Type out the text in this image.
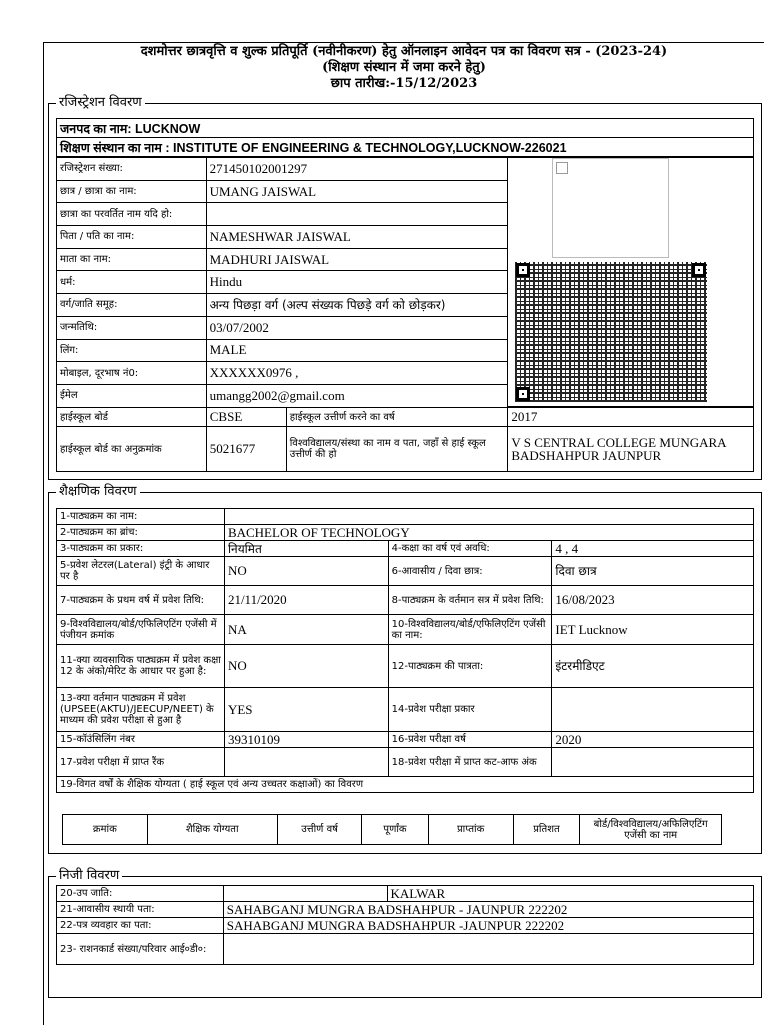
दशमोत्तर छात्रवृत्ति व शुल्क प्रतिपूर्ति (नवीनीकरण) हेतु ऑनलाइन आवेदन पत्र का विवरण सत्र - (2023-24)
(शिक्षण संस्थान में जमा करने हेतु)
छाप तारीख:-15/12/2023
रजिस्ट्रेशन विवरण
जनपद का नाम: LUCKNOW
शिक्षण संस्थान का नाम : INSTITUTE OF ENGINEERING & TECHNOLOGY,LUCKNOW-226021
रजिस्ट्रेशन संख्या:	271450102001297
छात्र / छात्रा का नाम:	UMANG JAISWAL
छात्रा का परवर्तित नाम यदि हो:	
पिता / पति का नाम:	NAMESHWAR JAISWAL
माता का नाम:	MADHURI JAISWAL
धर्म:	Hindu
वर्ग/जाति समूह:	अन्य पिछड़ा वर्ग (अल्प संख्यक पिछड़े वर्ग को छोड़कर)
जन्मतिथि:	03/07/2002
लिंग:	MALE
मोबाइल, दूरभाष नं0:	XXXXXX0976 ,
ईमेल	umangg2002@gmail.com
हाईस्कूल बोर्ड	CBSE	हाईस्कूल उत्तीर्ण करने का वर्ष	2017
हाईस्कूल बोर्ड का अनुक्रमांक	5021677	विश्वविद्यालय/संस्था का नाम व पता, जहाँ से हाई स्कूल उत्तीर्ण की हो	V S CENTRAL COLLEGE MUNGARA BADSHAHPUR JAUNPUR
शैक्षणिक विवरण
1-पाठ्यक्रम का नाम:			
2-पाठ्यक्रम का ब्रांच:	BACHELOR OF TECHNOLOGY		
3-पाठ्यक्रम का प्रकार:	नियमित	4-कक्षा का वर्ष एवं अवधि:	4 , 4
5-प्रवेश लेटरल(Lateral) इंट्री के आधार पर है	NO	6-आवासीय / दिवा छात्र:	दिवा छात्र
7-पाठ्यक्रम के प्रथम वर्ष में प्रवेश तिथि:	21/11/2020	8-पाठ्यक्रम के वर्तमान सत्र में प्रवेश तिथि:	16/08/2023
9-विश्वविद्यालय/बोर्ड/एफिलिएटिंग एजेंसी में पंजीयन क्रमांक	NA	10-विश्वविद्यालय/बोर्ड/एफिलिएटिंग एजेंसी का नाम:	IET Lucknow
11-क्या व्यवसायिक पाठ्यक्रम में प्रवेश कक्षा 12 के अंको/मेरिट के आधार पर हुआ है:	NO	12-पाठ्यक्रम की पात्रता:	इंटरमीडिएट
13-क्या वर्तमान पाठ्यक्रम में प्रवेश (UPSEE(AKTU)/JEECUP/NEET) के माध्यम की प्रवेश परीक्षा से हुआ है	YES	14-प्रवेश परीक्षा प्रकार	
15-कॉउंसिलिंग नंबर	39310109	16-प्रवेश परीक्षा वर्ष	2020
17-प्रवेश परीक्षा में प्राप्त रैंक		18-प्रवेश परीक्षा में प्राप्त कट-आफ अंक	
19-विगत वर्षों के शैक्षिक योग्यता ( हाई स्कूल एवं अन्य उच्चतर कक्षाओं) का विवरण			
क्रमांक	शैक्षिक योग्यता	उत्तीर्ण वर्ष	पूर्णांक	प्राप्तांक	प्रतिशत	बोर्ड/विश्वविद्यालय/अफिलिएटिंग एजेंसी का नाम
निजी विवरण
20-उप जाति:		KALWAR
21-आवासीय स्थायी पता:	SAHABGANJ MUNGRA BADSHAHPUR - JAUNPUR 222202	
22-पत्र व्यवहार का पता:	SAHABGANJ MUNGRA BADSHAHPUR -JAUNPUR 222202	
23- राशनकार्ड संख्या/परिवार आई०डी०:		
